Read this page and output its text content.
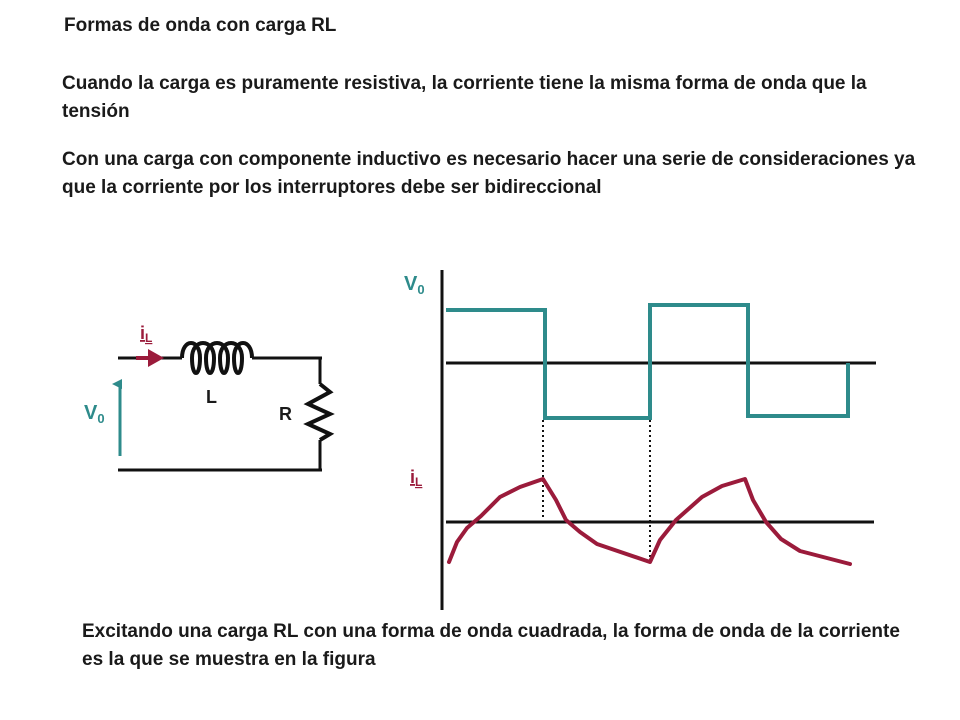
Formas de onda con carga RL

Cuando la carga es puramente resistiva, la corriente tiene la misma forma de onda que la tensión

Con una carga con componente inductivo es necesario hacer una serie de consideraciones ya que la corriente por los interruptores debe ser bidireccional

iL
L
R
$V_0$
$V_0$
iL

Excitando una carga RL con una forma de onda cuadrada, la forma de onda de la corriente es la que se muestra en la figura
